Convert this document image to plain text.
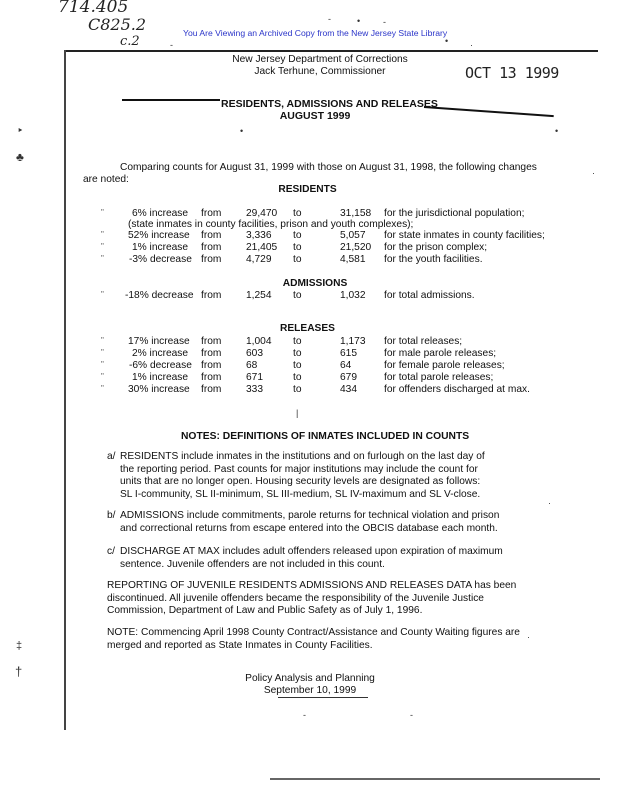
714.405
C825.2
c.2
You Are Viewing an Archived Copy from the New Jersey State Library
OCT 13 1999
New Jersey Department of Corrections
Jack Terhune, Commissioner
RESIDENTS, ADMISSIONS AND RELEASES
AUGUST 1999
Comparing counts for August 31, 1999 with those on August 31, 1998, the following changes
are noted:
RESIDENTS
"	6% increase from 29,470 to	31,158 for the jurisdictional population;
(state inmates in county facilities, prison and youth complexes);
" 52% increase from 3,336 to	5,057 for state inmates in county facilities;
"	1% increase from 21,405 to	21,520 for the prison complex;
" -3% decrease from 4,729 to	4,581 for the youth facilities.
ADMISSIONS
" -18% decrease from 1,254 to	1,032 for total admissions.
RELEASES
" 17% increase from 1,004 to	1,173 for total releases;
"	2% increase from 603	to	615	for male parole releases;
" -6% decrease from 68	to	64	for female parole releases;
"	1% increase from 671	to	679	for total parole releases;
" 30% increase from 333	to	434	for offenders discharged at max.
NOTES: DEFINITIONS OF INMATES INCLUDED IN COUNTS
a/ RESIDENTS include inmates in the institutions and on furlough on the last day of
the reporting period. Past counts for major institutions may include the count for
units that are no longer open. Housing security levels are designated as follows:
SL I-community, SL II-minimum, SL III-medium, SL IV-maximum and SL V-close.
b/ ADMISSIONS include commitments, parole returns for technical violation and prison
and correctional returns from escape entered into the OBCIS database each month.
c/ DISCHARGE AT MAX includes adult offenders released upon expiration of maximum
sentence. Juvenile offenders are not included in this count.
REPORTING OF JUVENILE RESIDENTS ADMISSIONS AND RELEASES DATA has been
discontinued. All juvenile offenders became the responsibility of the Juvenile Justice
Commission, Department of Law and Public Safety as of July 1, 1996.
NOTE: Commencing April 1998 County Contract/Assistance and County Waiting figures are
merged and reported as State Inmates in County Facilities.
Policy Analysis and Planning
September 10, 1999
‣
♣
‡
†
-	•	-
-	• ·
•
|
·
·
-	-
•
·
